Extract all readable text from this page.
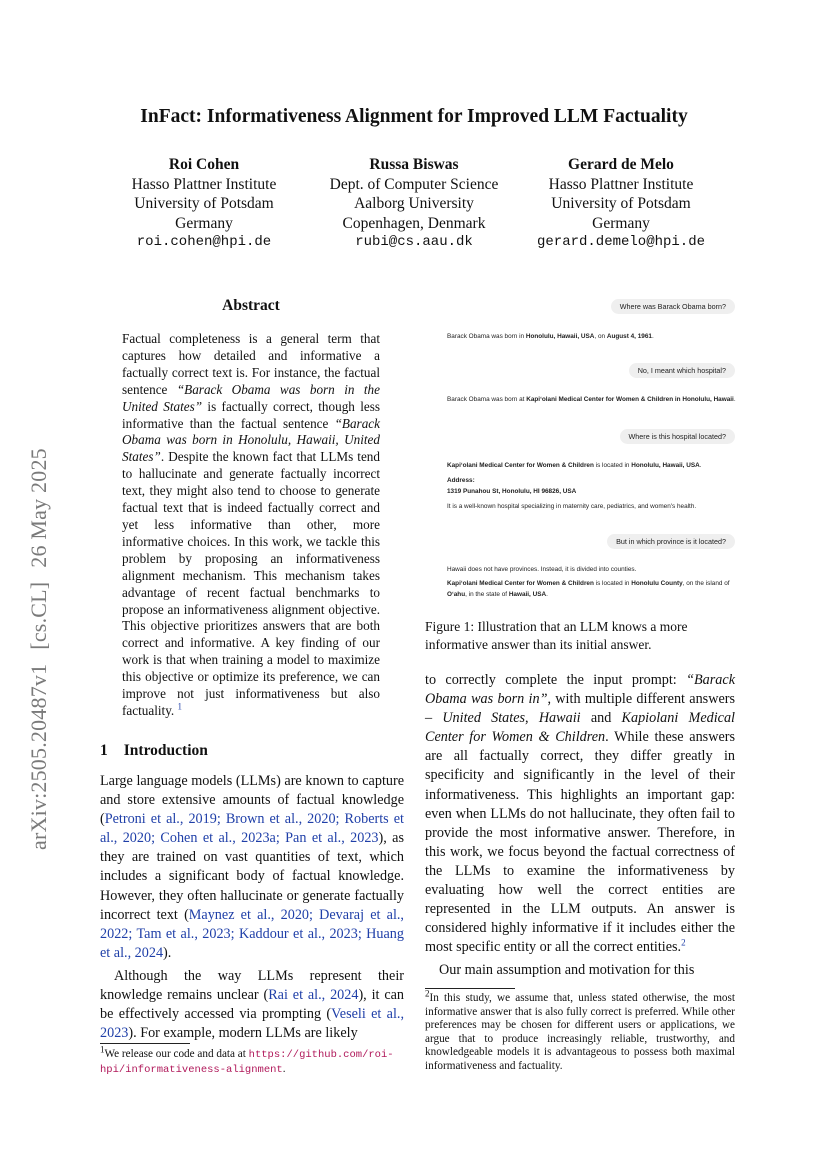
InFact: Informativeness Alignment for Improved LLM Factuality
Roi Cohen
Hasso Plattner Institute
University of Potsdam
Germany
roi.cohen@hpi.de
Russa Biswas
Dept. of Computer Science
Aalborg University
Copenhagen, Denmark
rubi@cs.aau.dk
Gerard de Melo
Hasso Plattner Institute
University of Potsdam
Germany
gerard.demelo@hpi.de
arXiv:2505.20487v1[cs.CL]26 May 2025
Abstract
Factual completeness is a general term that captures how detailed and informative a factually correct text is. For instance, the factual sentence “Barack Obama was born in the United States” is factually correct, though less informative than the factual sentence “Barack Obama was born in Honolulu, Hawaii, United States”. Despite the known fact that LLMs tend to hallucinate and generate factually incorrect text, they might also tend to choose to generate factual text that is indeed factually correct and yet less informative than other, more informative choices. In this work, we tackle this problem by proposing an informativeness alignment mechanism. This mechanism takes advantage of recent factual benchmarks to propose an informativeness alignment objective. This objective prioritizes answers that are both correct and informative. A key finding of our work is that when training a model to maximize this objective or optimize its preference, we can improve not just informativeness but also factuality. $^1$
1 Introduction

Large language models (LLMs) are known to capture and store extensive amounts of factual knowledge (Petroni et al., 2019; Brown et al., 2020; Roberts et al., 2020; Cohen et al., 2023a; Pan et al., 2023), as they are trained on vast quantities of text, which includes a significant body of factual knowledge. However, they often hallucinate or generate factually incorrect text (Maynez et al., 2020; Devaraj et al., 2022; Tam et al., 2023; Kaddour et al., 2023; Huang et al., 2024).

Although the way LLMs represent their knowledge remains unclear (Rai et al., 2024), it can be effectively accessed via prompting (Veseli et al., 2023). For example, modern LLMs are likely

$^1$We release our code and data at https://github.com/roi-hpi/informativeness-alignment.
Where was Barack Obama born?
Barack Obama was born in Honolulu, Hawaii, USA, on August 4, 1961.
No, I meant which hospital?
Barack Obama was born at Kapiʻolani Medical Center for Women & Children in Honolulu, Hawaii.
Where is this hospital located?
Kapiʻolani Medical Center for Women & Children is located in Honolulu, Hawaii, USA.
Address:
1319 Punahou St, Honolulu, HI 96826, USA
It is a well-known hospital specializing in maternity care, pediatrics, and women's health.
But in which province is it located?
Hawaii does not have provinces. Instead, it is divided into counties.
Kapiʻolani Medical Center for Women & Children is located in Honolulu County, on the island of Oʻahu, in the state of Hawaii, USA.
Figure 1: Illustration that an LLM knows a more informative answer than its initial answer.

to correctly complete the input prompt: “Barack Obama was born in”, with multiple different answers – United States, Hawaii and Kapiolani Medical Center for Women & Children. While these answers are all factually correct, they differ greatly in specificity and significantly in the level of their informativeness. This highlights an important gap: even when LLMs do not hallucinate, they often fail to provide the most informative answer. Therefore, in this work, we focus beyond the factual correctness of the LLMs to examine the informativeness by evaluating how well the correct entities are represented in the LLM outputs. An answer is considered highly informative if it includes either the most specific entity or all the correct entities.$^2$

Our main assumption and motivation for this

$^2$In this study, we assume that, unless stated otherwise, the most informative answer that is also fully correct is preferred. While other preferences may be chosen for different users or applications, we argue that to produce increasingly reliable, trustworthy, and knowledgeable models it is advantageous to possess both maximal informativeness and factuality.
